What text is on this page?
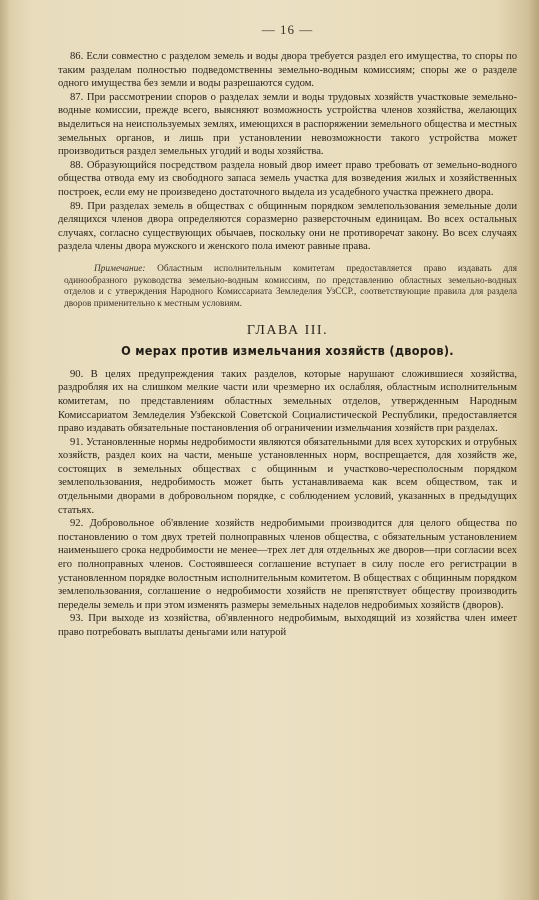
— 16 —

86. Если совместно с разделом земель и воды двора требуется раздел его имущества, то споры по таким разделам полностью подведомственны земельно-водным комиссиям; споры же о разделе одного имущества без земли и воды разрешаются судом.

87. При рассмотрении споров о разделах земли и воды трудовых хозяйств участковые земельно-водные комиссии, прежде всего, выясняют возможность устройства членов хозяйства, желающих выделиться на неиспользуемых землях, имеющихся в распоряжении земельного общества и местных земельных органов, и лишь при установлении невозможности такого устройства может производиться раздел земельных угодий и воды хозяйства.

88. Образующийся посредством раздела новый двор имеет право требовать от земельно-водного общества отвода ему из свободного запаса земель участка для возведения жилых и хозяйственных построек, если ему не произведено достаточного выдела из усадебного участка прежнего двора.

89. При разделах земель в обществах с общинным порядком землепользования земельные доли делящихся членов двора определяются соразмерно разверсточным единицам. Во всех остальных случаях, согласно существующих обычаев, поскольку они не противоречат закону. Во всех случаях раздела члены двора мужского и женского пола имеют равные права.

Примечание: Областным исполнительным комитетам предоставляется право издавать для одинообразного руководства земельно-водным комиссиям, по представлению областных земельно-водных отделов и с утверждения Народного Комиссариата Земледелия УзССР., соответствующие правила для раздела дворов применительно к местным условиям.

ГЛАВА III.
О мерах против измельчания хозяйств (дворов).

90. В целях предупреждения таких разделов, которые нарушают сложившиеся хозяйства, раздробляя их на слишком мелкие части или чрезмерно их ослабляя, областным исполнительным комитетам, по представлениям областных земельных отделов, утвержденным Народным Комиссариатом Земледелия Узбекской Советской Социалистической Республики, предоставляется право издавать обязательные постановления об ограничении измельчания хозяйств при разделах.

91. Установленные нормы недробимости являются обязательными для всех хуторских и отрубных хозяйств, раздел коих на части, меньше установленных норм, воспрещается, для хозяйств же, состоящих в земельных обществах с общинным и участково-чересполосным порядком землепользования, недробимость может быть устанавливаема как всем обществом, так и отдельными дворами в добровольном порядке, с соблюдением условий, указанных в предыдущих статьях.

92. Добровольное об'явление хозяйств недробимыми производится для целого общества по постановлению о том двух третей полноправных членов общества, с обязательным установлением наименьшего срока недробимости не менее—трех лет для отдельных же дворов—при согласии всех его полноправных членов. Состоявшееся соглашение вступает в силу после его регистрации в установленном порядке волостным исполнительным комитетом. В обществах с общинным порядком землепользования, соглашение о недробимости хозяйств не препятствует обществу производить переделы земель и при этом изменять размеры земельных наделов недробимых хозяйств (дворов).

93. При выходе из хозяйства, об'явленного недробимым, выходящий из хозяйства член имеет право потребовать выплаты деньгами или натурой
